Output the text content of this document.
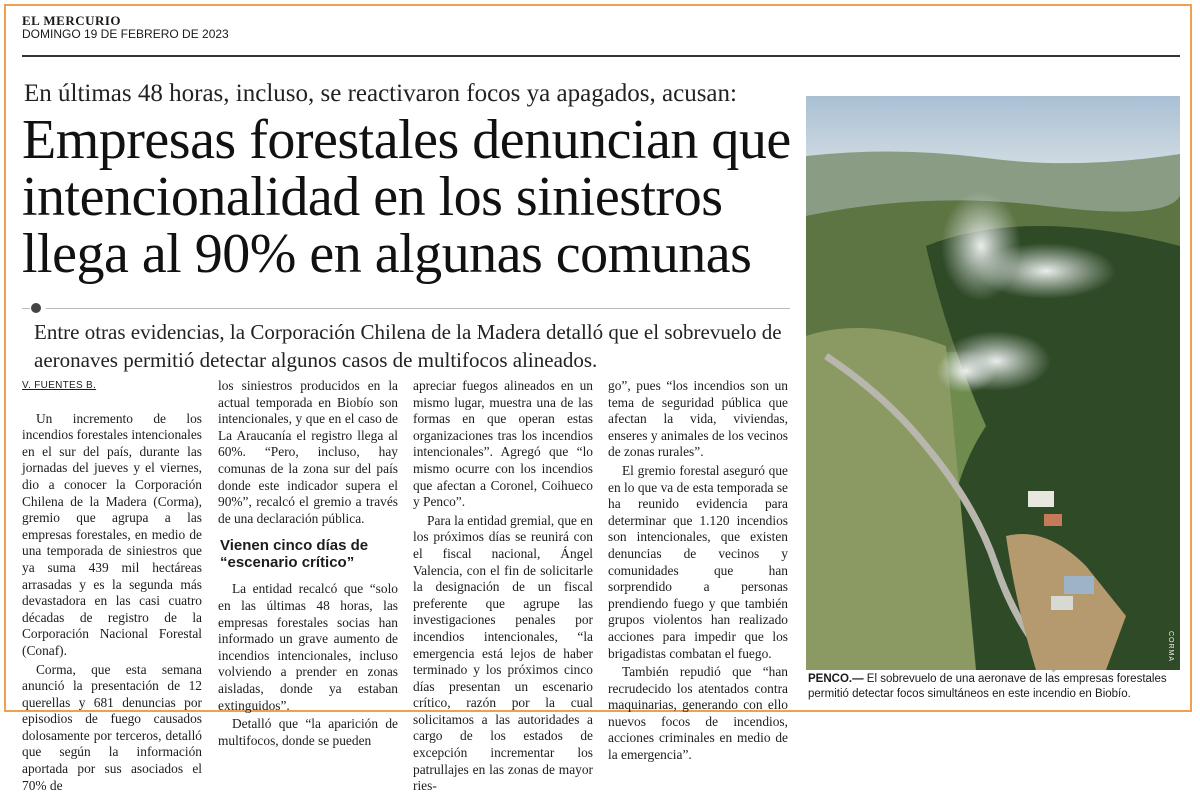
EL MERCURIO
DOMINGO 19 DE FEBRERO DE 2023
En últimas 48 horas, incluso, se reactivaron focos ya apagados, acusan:
Empresas forestales denuncian que intencionalidad en los siniestros llega al 90% en algunas comunas
Entre otras evidencias, la Corporación Chilena de la Madera detalló que el sobrevuelo de aeronaves permitió detectar algunos casos de multifocos alineados.
V. FUENTES B.

Un incremento de los incendios forestales intencionales en el sur del país, durante las jornadas del jueves y el viernes, dio a conocer la Corporación Chilena de la Madera (Corma), gremio que agrupa a las empresas forestales, en medio de una temporada de siniestros que ya suma 439 mil hectáreas arrasadas y es la segunda más devastadora en las casi cuatro décadas de registro de la Corporación Nacional Forestal (Conaf).

Corma, que esta semana anunció la presentación de 12 querellas y 681 denuncias por episodios de fuego causados dolosamente por terceros, detalló que según la información aportada por sus asociados el 70% de

los siniestros producidos en la actual temporada en Biobío son intencionales, y que en el caso de La Araucanía el registro llega al 60%. “Pero, incluso, hay comunas de la zona sur del país donde este indicador supera el 90%”, recalcó el gremio a través de una declaración pública.

Vienen cinco días de “escenario crítico”

La entidad recalcó que “solo en las últimas 48 horas, las empresas forestales socias han informado un grave aumento de incendios intencionales, incluso volviendo a prender en zonas aisladas, donde ya estaban extinguidos”.

Detalló que “la aparición de multifocos, donde se pueden

apreciar fuegos alineados en un mismo lugar, muestra una de las formas en que operan estas organizaciones tras los incendios intencionales”. Agregó que “lo mismo ocurre con los incendios que afectan a Coronel, Coihueco y Penco”.

Para la entidad gremial, que en los próximos días se reunirá con el fiscal nacional, Ángel Valencia, con el fin de solicitarle la designación de un fiscal preferente que agrupe las investigaciones penales por incendios intencionales, “la emergencia está lejos de haber terminado y los próximos cinco días presentan un escenario crítico, razón por la cual solicitamos a las autoridades a cargo de los estados de excepción incrementar los patrullajes en las zonas de mayor ries-

go”, pues “los incendios son un tema de seguridad pública que afectan la vida, viviendas, enseres y animales de los vecinos de zonas rurales”.

El gremio forestal aseguró que en lo que va de esta temporada se ha reunido evidencia para determinar que 1.120 incendios son intencionales, que existen denuncias de vecinos y comunidades que han sorprendido a personas prendiendo fuego y que también grupos violentos han realizado acciones para impedir que los brigadistas combatan el fuego.

También repudió que “han recrudecido los atentados contra maquinarias, generando con ello nuevos focos de incendios, acciones criminales en medio de la emergencia”.

CORMA
PENCO.— El sobrevuelo de una aeronave de las empresas forestales permitió detectar focos simultáneos en este incendio en Biobío.
